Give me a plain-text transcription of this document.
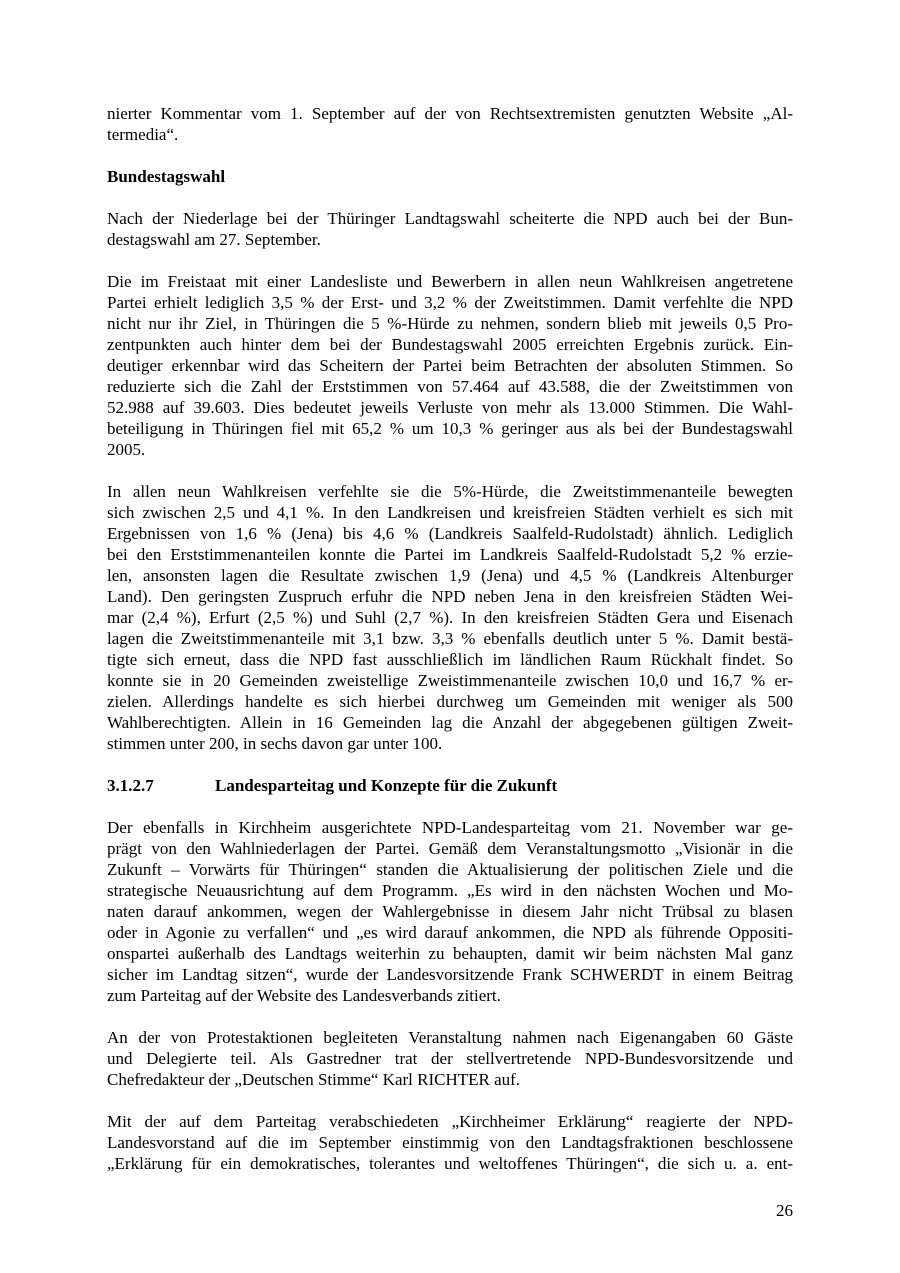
nierter Kommentar vom 1. September auf der von Rechtsextremisten genutzten Website „Al-
termedia“.
Bundestagswahl
Nach der Niederlage bei der Thüringer Landtagswahl scheiterte die NPD auch bei der Bun-
destagswahl am 27. September.
Die im Freistaat mit einer Landesliste und Bewerbern in allen neun Wahlkreisen angetretene
Partei erhielt lediglich 3,5 % der Erst- und 3,2 % der Zweitstimmen. Damit verfehlte die NPD
nicht nur ihr Ziel, in Thüringen die 5 %-Hürde zu nehmen, sondern blieb mit jeweils 0,5 Pro-
zentpunkten auch hinter dem bei der Bundestagswahl 2005 erreichten Ergebnis zurück. Ein-
deutiger erkennbar wird das Scheitern der Partei beim Betrachten der absoluten Stimmen. So
reduzierte sich die Zahl der Erststimmen von 57.464 auf 43.588, die der Zweitstimmen von
52.988 auf 39.603. Dies bedeutet jeweils Verluste von mehr als 13.000 Stimmen. Die Wahl-
beteiligung in Thüringen fiel mit 65,2 % um 10,3 % geringer aus als bei der Bundestagswahl
2005.
In allen neun Wahlkreisen verfehlte sie die 5%-Hürde, die Zweitstimmenanteile bewegten
sich zwischen 2,5 und 4,1 %. In den Landkreisen und kreisfreien Städten verhielt es sich mit
Ergebnissen von 1,6 % (Jena) bis 4,6 % (Landkreis Saalfeld-Rudolstadt) ähnlich. Lediglich
bei den Erststimmenanteilen konnte die Partei im Landkreis Saalfeld-Rudolstadt 5,2 % erzie-
len, ansonsten lagen die Resultate zwischen 1,9 (Jena) und 4,5 % (Landkreis Altenburger
Land). Den geringsten Zuspruch erfuhr die NPD neben Jena in den kreisfreien Städten Wei-
mar (2,4 %), Erfurt (2,5 %) und Suhl (2,7 %). In den kreisfreien Städten Gera und Eisenach
lagen die Zweitstimmenanteile mit 3,1 bzw. 3,3 % ebenfalls deutlich unter 5 %. Damit bestä-
tigte sich erneut, dass die NPD fast ausschließlich im ländlichen Raum Rückhalt findet. So
konnte sie in 20 Gemeinden zweistellige Zweistimmenanteile zwischen 10,0 und 16,7 % er-
zielen. Allerdings handelte es sich hierbei durchweg um Gemeinden mit weniger als 500
Wahlberechtigten. Allein in 16 Gemeinden lag die Anzahl der abgegebenen gültigen Zweit-
stimmen unter 200, in sechs davon gar unter 100.
3.1.2.7	Landesparteitag und Konzepte für die Zukunft
Der ebenfalls in Kirchheim ausgerichtete NPD-Landesparteitag vom 21. November war ge-
prägt von den Wahlniederlagen der Partei. Gemäß dem Veranstaltungsmotto „Visionär in die
Zukunft – Vorwärts für Thüringen“ standen die Aktualisierung der politischen Ziele und die
strategische Neuausrichtung auf dem Programm. „Es wird in den nächsten Wochen und Mo-
naten darauf ankommen, wegen der Wahlergebnisse in diesem Jahr nicht Trübsal zu blasen
oder in Agonie zu verfallen“ und „es wird darauf ankommen, die NPD als führende Oppositi-
onspartei außerhalb des Landtags weiterhin zu behaupten, damit wir beim nächsten Mal ganz
sicher im Landtag sitzen“, wurde der Landesvorsitzende Frank SCHWERDT in einem Beitrag
zum Parteitag auf der Website des Landesverbands zitiert.
An der von Protestaktionen begleiteten Veranstaltung nahmen nach Eigenangaben 60 Gäste
und Delegierte teil. Als Gastredner trat der stellvertretende NPD-Bundesvorsitzende und
Chefredakteur der „Deutschen Stimme“ Karl RICHTER auf.
Mit der auf dem Parteitag verabschiedeten „Kirchheimer Erklärung“ reagierte der NPD-
Landesvorstand auf die im September einstimmig von den Landtagsfraktionen beschlossene
„Erklärung für ein demokratisches, tolerantes und weltoffenes Thüringen“, die sich u. a. ent-
26
